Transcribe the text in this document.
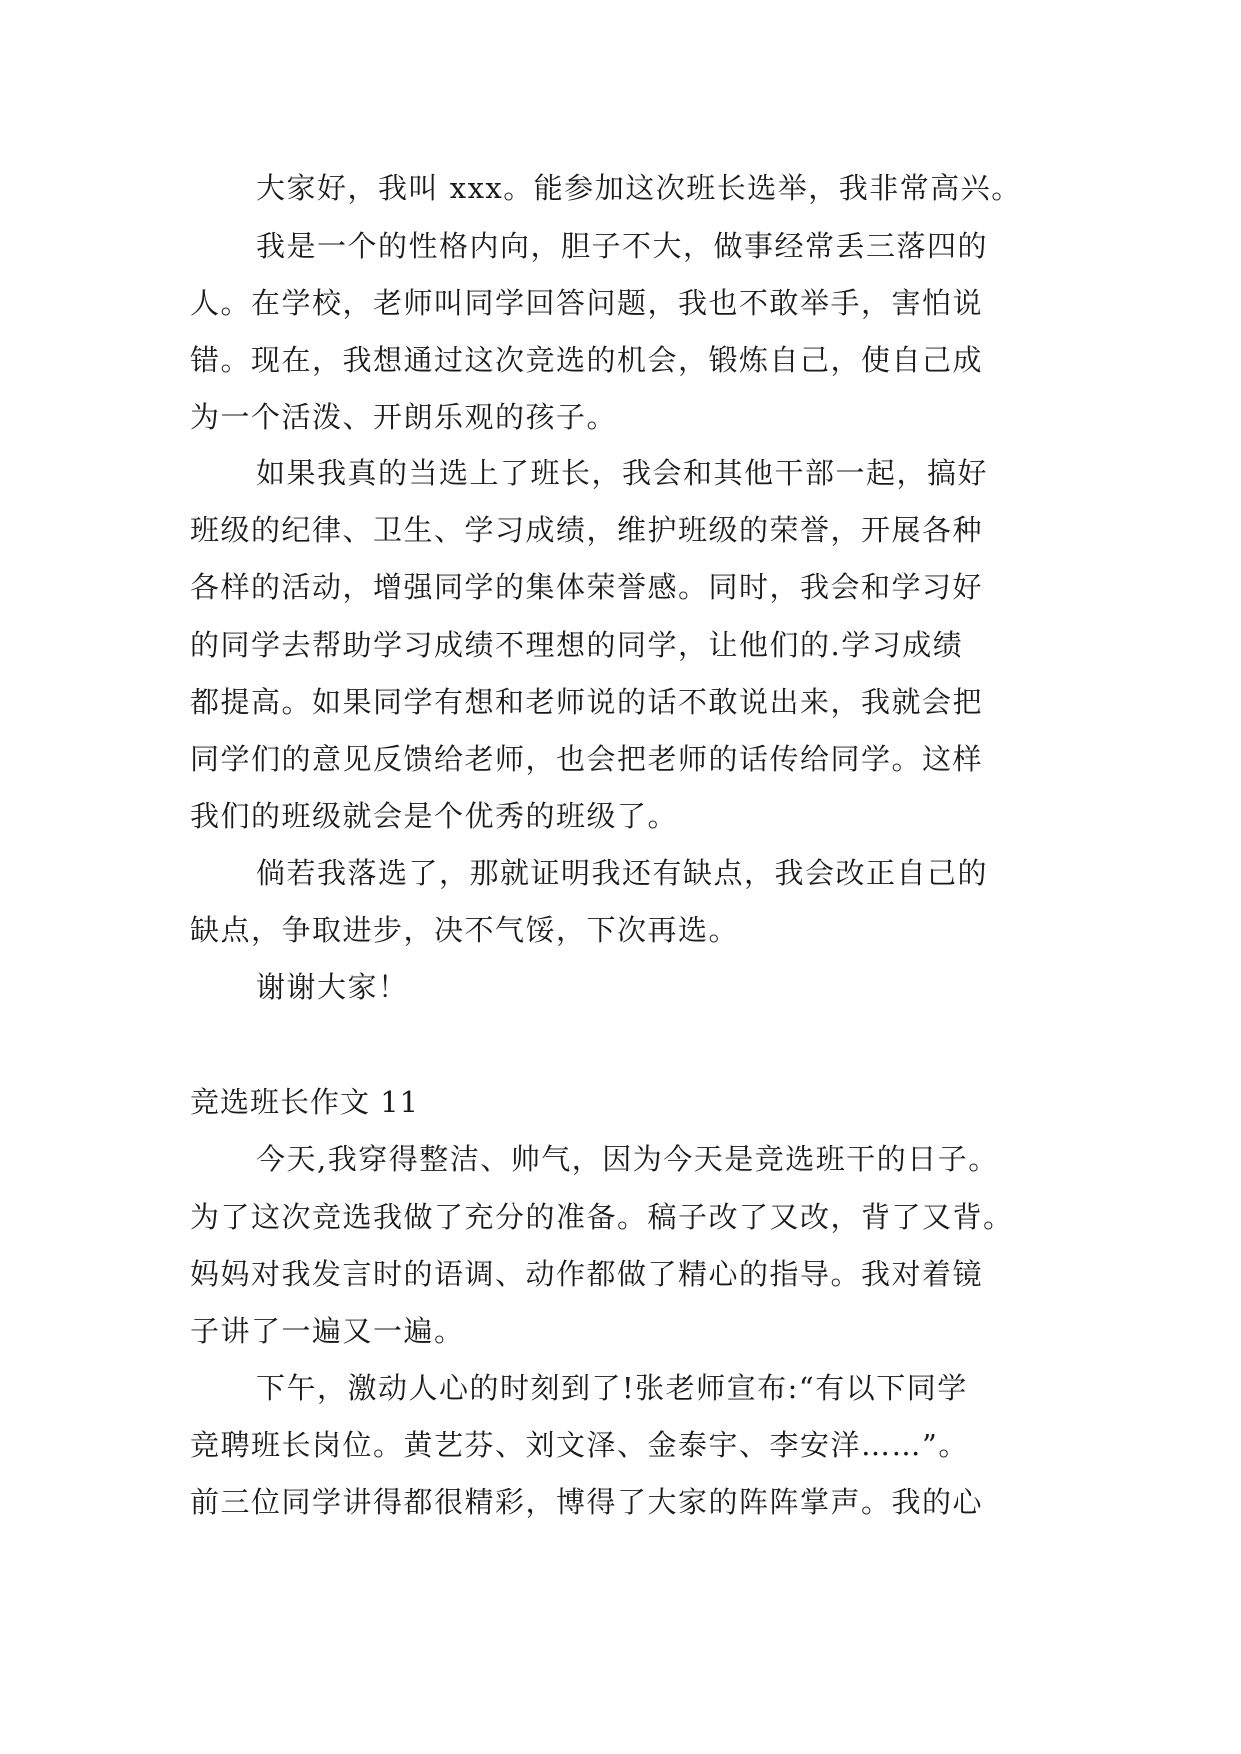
大家好，我叫 xxx。能参加这次班长选举，我非常高兴。
我是一个的性格内向，胆子不大，做事经常丢三落四的
人。在学校，老师叫同学回答问题，我也不敢举手，害怕说
错。现在，我想通过这次竞选的机会，锻炼自己，使自己成
为一个活泼、开朗乐观的孩子。
如果我真的当选上了班长，我会和其他干部一起，搞好
班级的纪律、卫生、学习成绩，维护班级的荣誉，开展各种
各样的活动，增强同学的集体荣誉感。同时，我会和学习好
的同学去帮助学习成绩不理想的同学，让他们的.学习成绩
都提高。如果同学有想和老师说的话不敢说出来，我就会把
同学们的意见反馈给老师，也会把老师的话传给同学。这样
我们的班级就会是个优秀的班级了。
倘若我落选了，那就证明我还有缺点，我会改正自己的
缺点，争取进步，决不气馁，下次再选。
谢谢大家！
竞选班长作文 11
今天,我穿得整洁、帅气，因为今天是竞选班干的日子。
为了这次竞选我做了充分的准备。稿子改了又改，背了又背。
妈妈对我发言时的语调、动作都做了精心的指导。我对着镜
子讲了一遍又一遍。
下午，激动人心的时刻到了!张老师宣布:“有以下同学
竞聘班长岗位。黄艺芬、刘文泽、金泰宇、李安洋……”。
前三位同学讲得都很精彩，博得了大家的阵阵掌声。我的心
